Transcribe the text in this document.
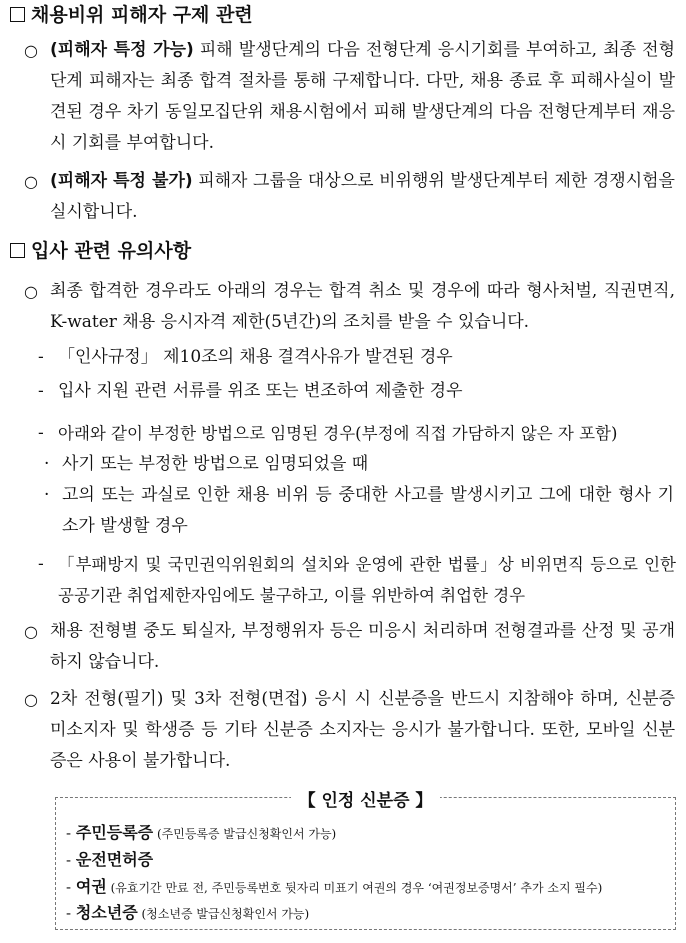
채용비위 피해자 구제 관련
○ (피해자 특정 가능) 피해 발생단계의 다음 전형단계 응시기회를 부여하고, 최종 전형단계 피해자는 최종 합격 절차를 통해 구제합니다. 다만, 채용 종료 후 피해사실이 발견된 경우 차기 동일모집단위 채용시험에서 피해 발생단계의 다음 전형단계부터 재응시 기회를 부여합니다.
○ (피해자 특정 불가) 피해자 그룹을 대상으로 비위행위 발생단계부터 제한 경쟁시험을 실시합니다.
입사 관련 유의사항
○ 최종 합격한 경우라도 아래의 경우는 합격 취소 및 경우에 따라 형사처벌, 직권면직, K-water 채용 응시자격 제한(5년간)의 조치를 받을 수 있습니다.
- 「인사규정」 제10조의 채용 결격사유가 발견된 경우
- 입사 지원 관련 서류를 위조 또는 변조하여 제출한 경우
- 아래와 같이 부정한 방법으로 임명된 경우(부정에 직접 가담하지 않은 자 포함)
· 사기 또는 부정한 방법으로 임명되었을 때
· 고의 또는 과실로 인한 채용 비위 등 중대한 사고를 발생시키고 그에 대한 형사 기소가 발생할 경우
- 「부패방지 및 국민권익위원회의 설치와 운영에 관한 법률」상 비위면직 등으로 인한 공공기관 취업제한자임에도 불구하고, 이를 위반하여 취업한 경우
○ 채용 전형별 중도 퇴실자, 부정행위자 등은 미응시 처리하며 전형결과를 산정 및 공개하지 않습니다.
○ 2차 전형(필기) 및 3차 전형(면접) 응시 시 신분증을 반드시 지참해야 하며, 신분증 미소지자 및 학생증 등 기타 신분증 소지자는 응시가 불가합니다. 또한, 모바일 신분증은 사용이 불가합니다.
【 인정 신분증 】
- 주민등록증 (주민등록증 발급신청확인서 가능)
- 운전면허증
- 여권 (유효기간 만료 전, 주민등록번호 뒷자리 미표기 여권의 경우 ‘여권정보증명서’ 추가 소지 필수)
- 청소년증 (청소년증 발급신청확인서 가능)
